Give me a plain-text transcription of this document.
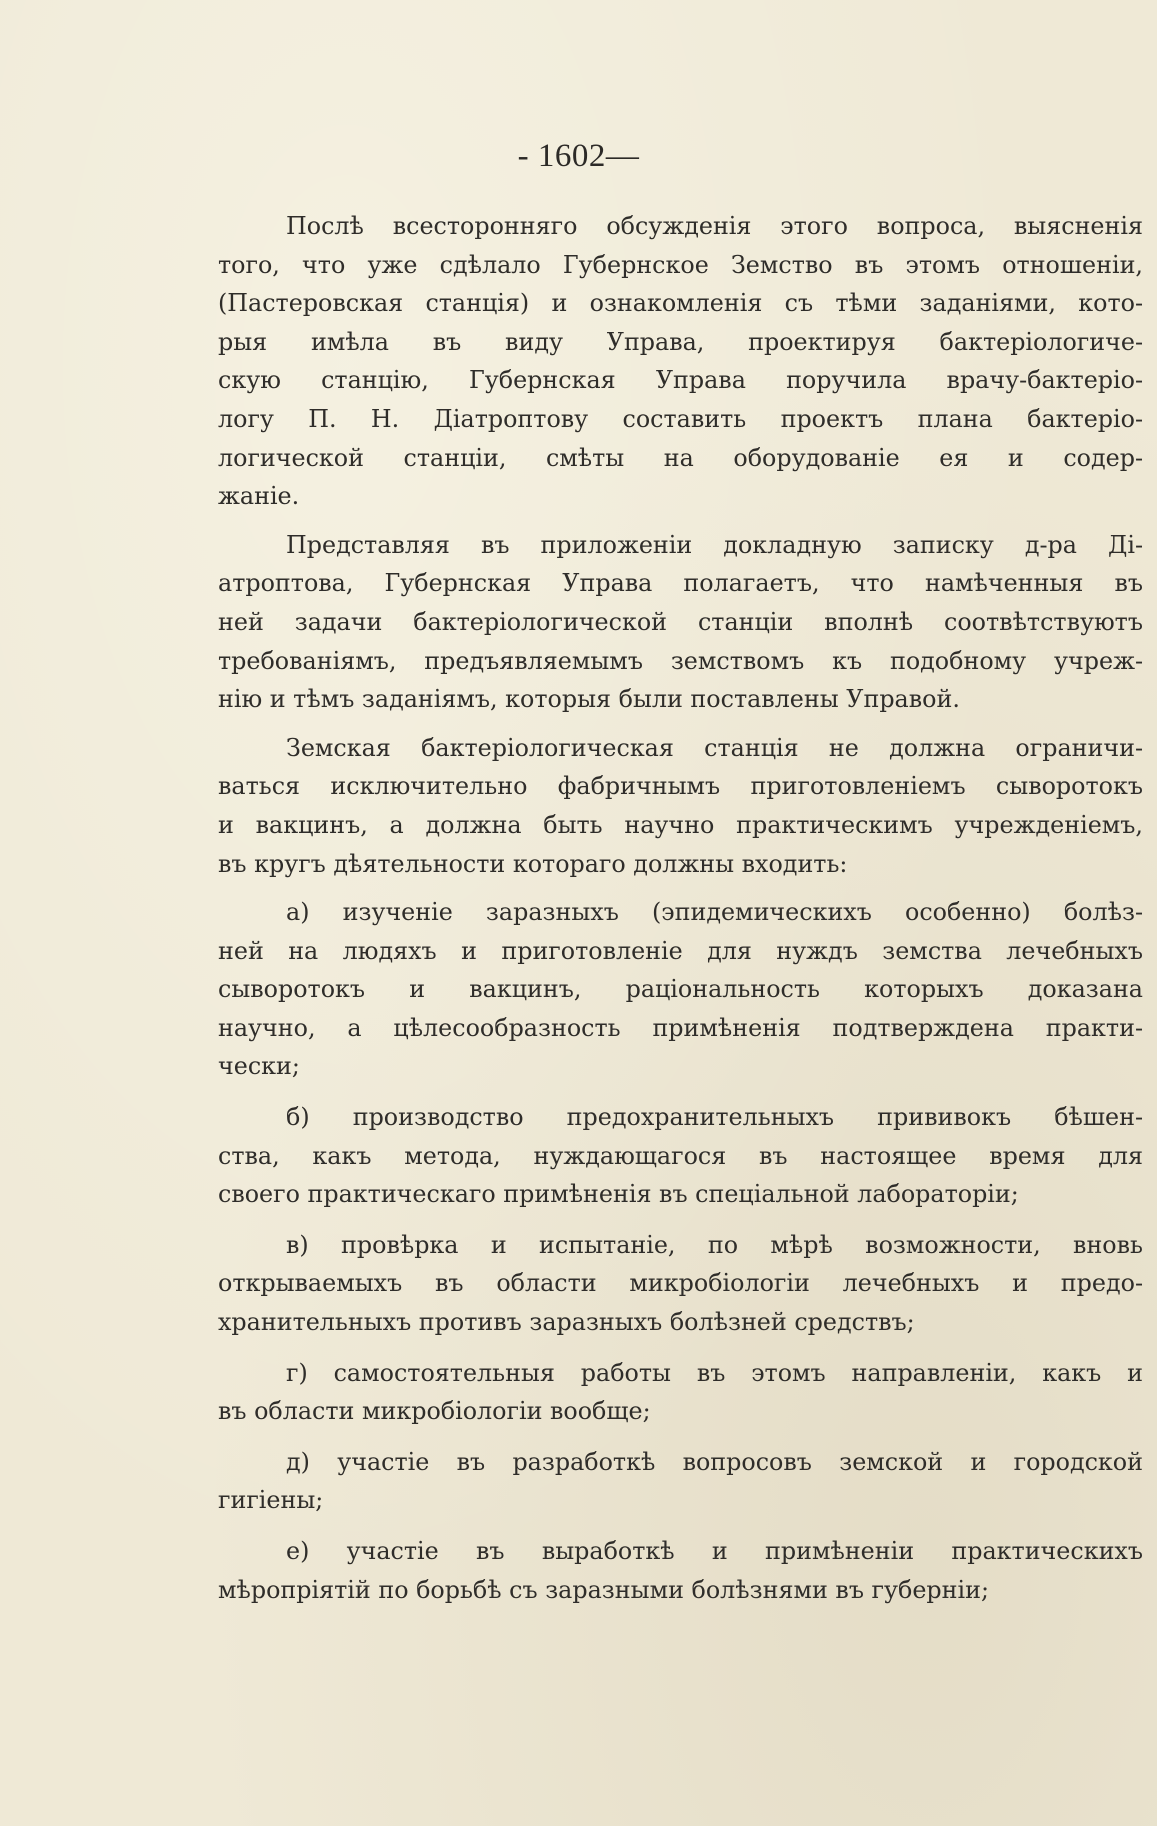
- 1602—
Послѣ всесторонняго обсужденія этого вопроса, выясненія
того, что уже сдѣлало Губернское Земство въ этомъ отношеніи,
(Пастеровская станція) и ознакомленія съ тѣми заданіями, кото-
рыя имѣла въ виду Управа, проектируя бактеріологиче-
скую станцію, Губернская Управа поручила врачу-бактеріо-
логу П. Н. Діатроптову составить проектъ плана бактеріо-
логической станціи, смѣты на оборудованіе ея и содер-
жаніе.
Представляя въ приложеніи докладную записку д-ра Ді-
атроптова, Губернская Управа полагаетъ, что намѣченныя въ
ней задачи бактеріологической станціи вполнѣ соотвѣтствуютъ
требованіямъ, предъявляемымъ земствомъ къ подобному учреж-
нію и тѣмъ заданіямъ, которыя были поставлены Управой.
Земская бактеріологическая станція не должна ограничи-
ваться исключительно фабричнымъ приготовленіемъ сыворотокъ
и вакцинъ, а должна быть научно практическимъ учрежденіемъ,
въ кругъ дѣятельности котораго должны входить:
а) изученіе заразныхъ (эпидемическихъ особенно) болѣз-
ней на людяхъ и приготовленіе для нуждъ земства лечебныхъ
сыворотокъ и вакцинъ, раціональность которыхъ доказана
научно, а цѣлесообразность примѣненія подтверждена практи-
чески;
б) производство предохранительныхъ прививокъ бѣшен-
ства, какъ метода, нуждающагося въ настоящее время для
своего практическаго примѣненія въ спеціальной лабораторіи;
в) провѣрка и испытаніе, по мѣрѣ возможности, вновь
открываемыхъ въ области микробіологіи лечебныхъ и предо-
хранительныхъ противъ заразныхъ болѣзней средствъ;
г) самостоятельныя работы въ этомъ направленіи, какъ и
въ области микробіологіи вообще;
д) участіе въ разработкѣ вопросовъ земской и городской
гигіены;
е) участіе въ выработкѣ и примѣненіи практическихъ
мѣропріятій по борьбѣ съ заразными болѣзнями въ губерніи;
